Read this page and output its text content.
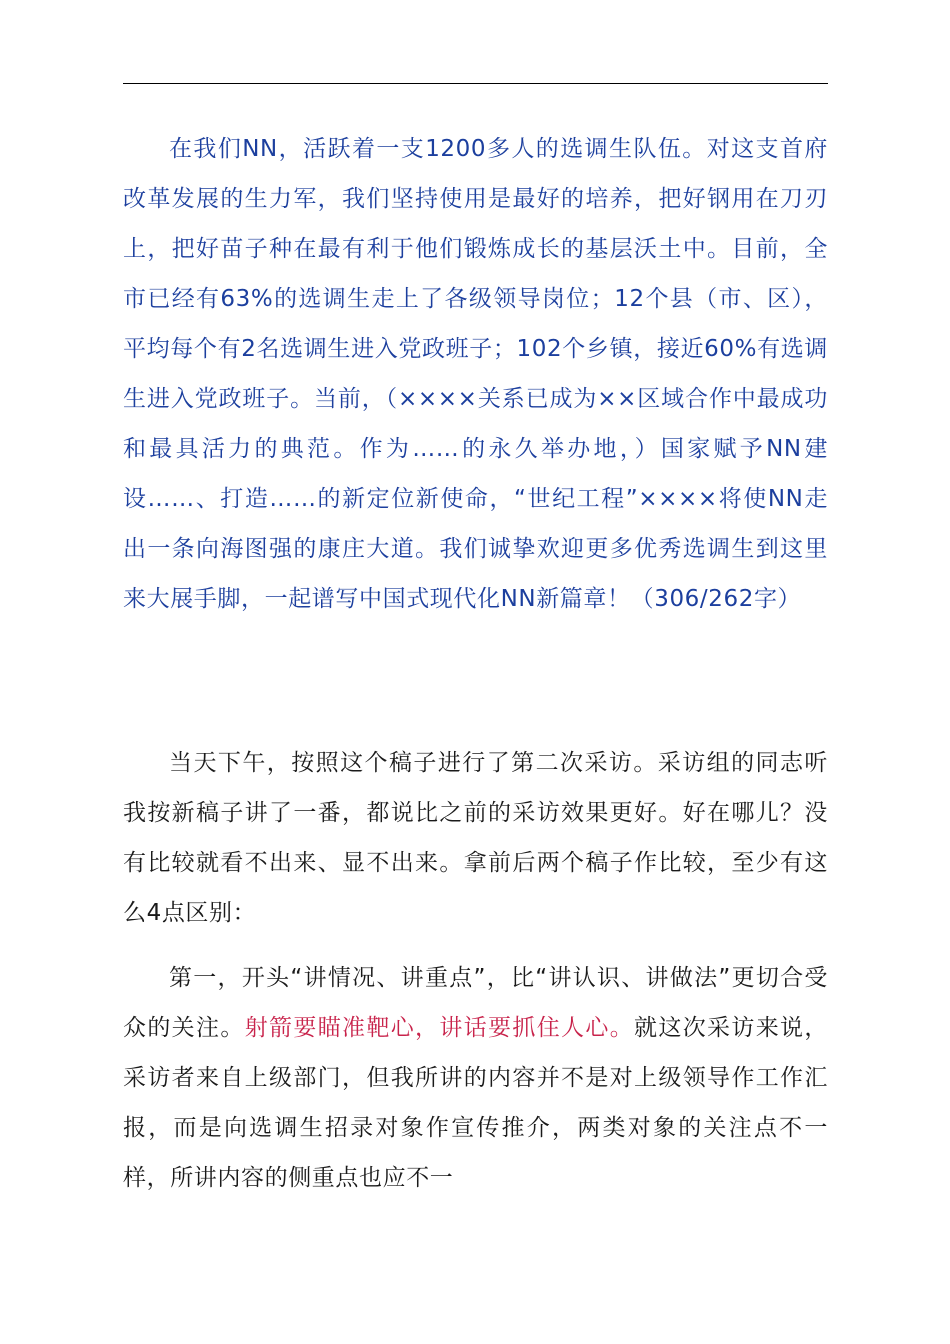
在我们NN，活跃着一支1200多人的选调生队伍。对这支首府改革发展的生力军，我们坚持使用是最好的培养，把好钢用在刀刃上，把好苗子种在最有利于他们锻炼成长的基层沃土中。目前，全市已经有63%的选调生走上了各级领导岗位；12个县（市、区），平均每个有2名选调生进入党政班子；102个乡镇，接近60%有选调生进入党政班子。当前，（××××关系已成为××区域合作中最成功和最具活力的典范。作为……的永久举办地，）国家赋予NN建设……、打造……的新定位新使命，“世纪工程”××××将使NN走出一条向海图强的康庄大道。我们诚挚欢迎更多优秀选调生到这里来大展手脚，一起谱写中国式现代化NN新篇章！（306/262字）

当天下午，按照这个稿子进行了第二次采访。采访组的同志听我按新稿子讲了一番，都说比之前的采访效果更好。好在哪儿？没有比较就看不出来、显不出来。拿前后两个稿子作比较，至少有这么4点区别：

第一，开头“讲情况、讲重点”，比“讲认识、讲做法”更切合受众的关注。射箭要瞄准靶心，讲话要抓住人心。就这次采访来说，采访者来自上级部门，但我所讲的内容并不是对上级领导作工作汇报，而是向选调生招录对象作宣传推介，两类对象的关注点不一样，所讲内容的侧重点也应不一
